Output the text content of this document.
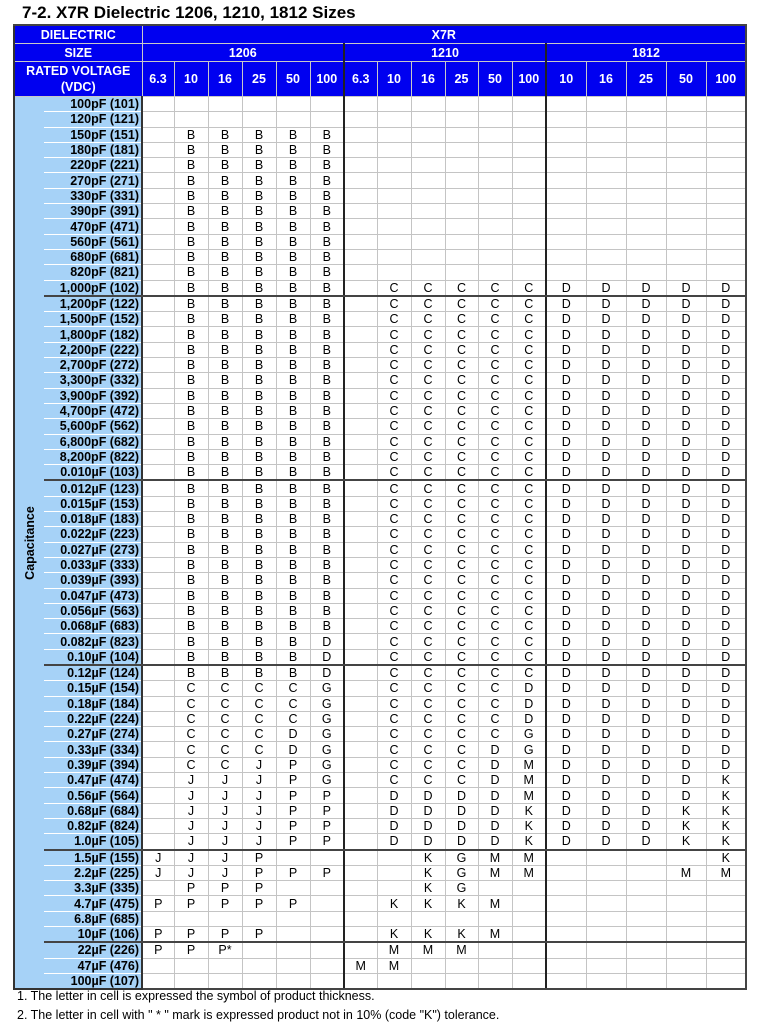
7-2. X7R Dielectric 1206, 1210, 1812 Sizes
DIELECTRIC		X7R																
SIZE		1206						1210						1812				

RATED VOLTAGE
(VDC)		6.3	10	16	25	50	100	6.3	10	16	25	50	100	10	16	25	50	100

Capacitance	100pF (101)																	
	120pF (121)																	
	150pF (151)		B	B	B	B	B											
	180pF (181)		B	B	B	B	B											
	220pF (221)		B	B	B	B	B											
	270pF (271)		B	B	B	B	B											
	330pF (331)		B	B	B	B	B											
	390pF (391)		B	B	B	B	B											
	470pF (471)		B	B	B	B	B											
	560pF (561)		B	B	B	B	B											
	680pF (681)		B	B	B	B	B											
	820pF (821)		B	B	B	B	B											
	1,000pF (102)		B	B	B	B	B		C	C	C	C	C	D	D	D	D	D
	1,200pF (122)		B	B	B	B	B		C	C	C	C	C	D	D	D	D	D
	1,500pF (152)		B	B	B	B	B		C	C	C	C	C	D	D	D	D	D
	1,800pF (182)		B	B	B	B	B		C	C	C	C	C	D	D	D	D	D
	2,200pF (222)		B	B	B	B	B		C	C	C	C	C	D	D	D	D	D
	2,700pF (272)		B	B	B	B	B		C	C	C	C	C	D	D	D	D	D
	3,300pF (332)		B	B	B	B	B		C	C	C	C	C	D	D	D	D	D
	3,900pF (392)		B	B	B	B	B		C	C	C	C	C	D	D	D	D	D
	4,700pF (472)		B	B	B	B	B		C	C	C	C	C	D	D	D	D	D
	5,600pF (562)		B	B	B	B	B		C	C	C	C	C	D	D	D	D	D
	6,800pF (682)		B	B	B	B	B		C	C	C	C	C	D	D	D	D	D
	8,200pF (822)		B	B	B	B	B		C	C	C	C	C	D	D	D	D	D
	0.010µF (103)		B	B	B	B	B		C	C	C	C	C	D	D	D	D	D
	0.012µF (123)		B	B	B	B	B		C	C	C	C	C	D	D	D	D	D
	0.015µF (153)		B	B	B	B	B		C	C	C	C	C	D	D	D	D	D
	0.018µF (183)		B	B	B	B	B		C	C	C	C	C	D	D	D	D	D
	0.022µF (223)		B	B	B	B	B		C	C	C	C	C	D	D	D	D	D
	0.027µF (273)		B	B	B	B	B		C	C	C	C	C	D	D	D	D	D
	0.033µF (333)		B	B	B	B	B		C	C	C	C	C	D	D	D	D	D
	0.039µF (393)		B	B	B	B	B		C	C	C	C	C	D	D	D	D	D
	0.047µF (473)		B	B	B	B	B		C	C	C	C	C	D	D	D	D	D
	0.056µF (563)		B	B	B	B	B		C	C	C	C	C	D	D	D	D	D
	0.068µF (683)		B	B	B	B	B		C	C	C	C	C	D	D	D	D	D
	0.082µF (823)		B	B	B	B	D		C	C	C	C	C	D	D	D	D	D
	0.10µF (104)		B	B	B	B	D		C	C	C	C	C	D	D	D	D	D
	0.12µF (124)		B	B	B	B	D		C	C	C	C	C	D	D	D	D	D
	0.15µF (154)		C	C	C	C	G		C	C	C	C	D	D	D	D	D	D
	0.18µF (184)		C	C	C	C	G		C	C	C	C	D	D	D	D	D	D
	0.22µF (224)		C	C	C	C	G		C	C	C	C	D	D	D	D	D	D
	0.27µF (274)		C	C	C	D	G		C	C	C	C	G	D	D	D	D	D
	0.33µF (334)		C	C	C	D	G		C	C	C	D	G	D	D	D	D	D
	0.39µF (394)		C	C	J	P	G		C	C	C	D	M	D	D	D	D	D
	0.47µF (474)		J	J	J	P	G		C	C	C	D	M	D	D	D	D	K
	0.56µF (564)		J	J	J	P	P		D	D	D	D	M	D	D	D	D	K
	0.68µF (684)		J	J	J	P	P		D	D	D	D	K	D	D	D	K	K
	0.82µF (824)		J	J	J	P	P		D	D	D	D	K	D	D	D	K	K
	1.0µF (105)		J	J	J	P	P		D	D	D	D	K	D	D	D	K	K
	1.5µF (155)	J	J	J	P					K	G	M	M					K
	2.2µF (225)	J	J	J	P	P	P			K	G	M	M				M	M
	3.3µF (335)		P	P	P					K	G							
	4.7µF (475)	P	P	P	P	P			K	K	K	M						
	6.8µF (685)																	
	10µF (106)	P	P	P	P				K	K	K	M						
	22µF (226)	P	P	P*					M	M	M							
	47µF (476)							M	M									
	100µF (107)																	
1. The letter in cell is expressed the symbol of product thickness.
2. The letter in cell with " * " mark is expressed product not in 10% (code "K") tolerance.
